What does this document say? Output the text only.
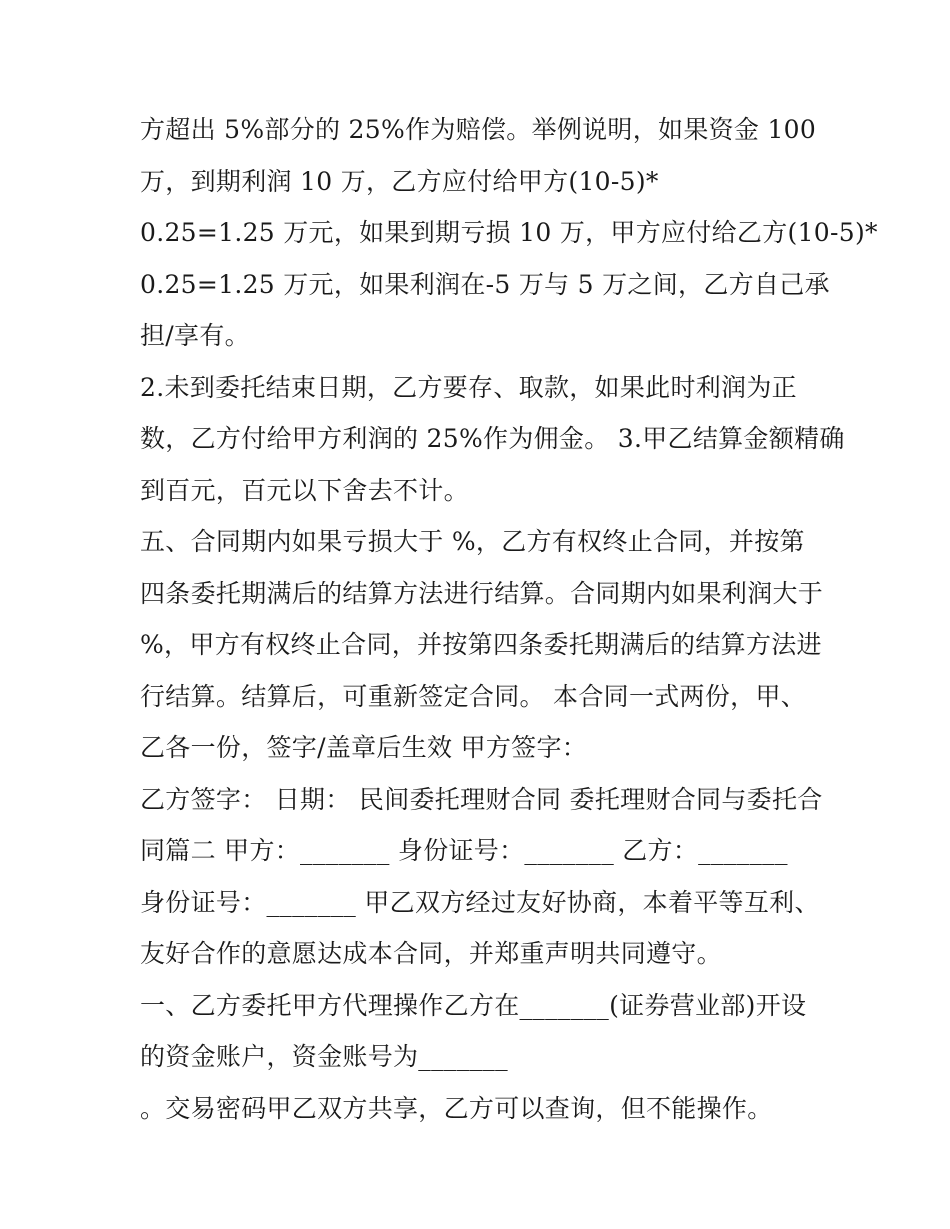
方超出 5%部分的 25%作为赔偿。举例说明，如果资金 100
万，到期利润 10 万，乙方应付给甲方(10-5)*
0.25=1.25 万元，如果到期亏损 10 万，甲方应付给乙方(10-5)*
0.25=1.25 万元，如果利润在-5 万与 5 万之间，乙方自己承
担/享有。
2.未到委托结束日期，乙方要存、取款，如果此时利润为正
数，乙方付给甲方利润的 25%作为佣金。 3.甲乙结算金额精确
到百元，百元以下舍去不计。
五、合同期内如果亏损大于 %，乙方有权终止合同，并按第
四条委托期满后的结算方法进行结算。合同期内如果利润大于
%，甲方有权终止合同，并按第四条委托期满后的结算方法进
行结算。结算后，可重新签定合同。 本合同一式两份，甲、
乙各一份，签字/盖章后生效 甲方签字：
乙方签字： 日期： 民间委托理财合同 委托理财合同与委托合
同篇二 甲方：_______ 身份证号：_______ 乙方：_______
身份证号：_______ 甲乙双方经过友好协商，本着平等互利、
友好合作的意愿达成本合同，并郑重声明共同遵守。
一、乙方委托甲方代理操作乙方在_______(证券营业部)开设
的资金账户，资金账号为_______
。交易密码甲乙双方共享，乙方可以查询，但不能操作。
